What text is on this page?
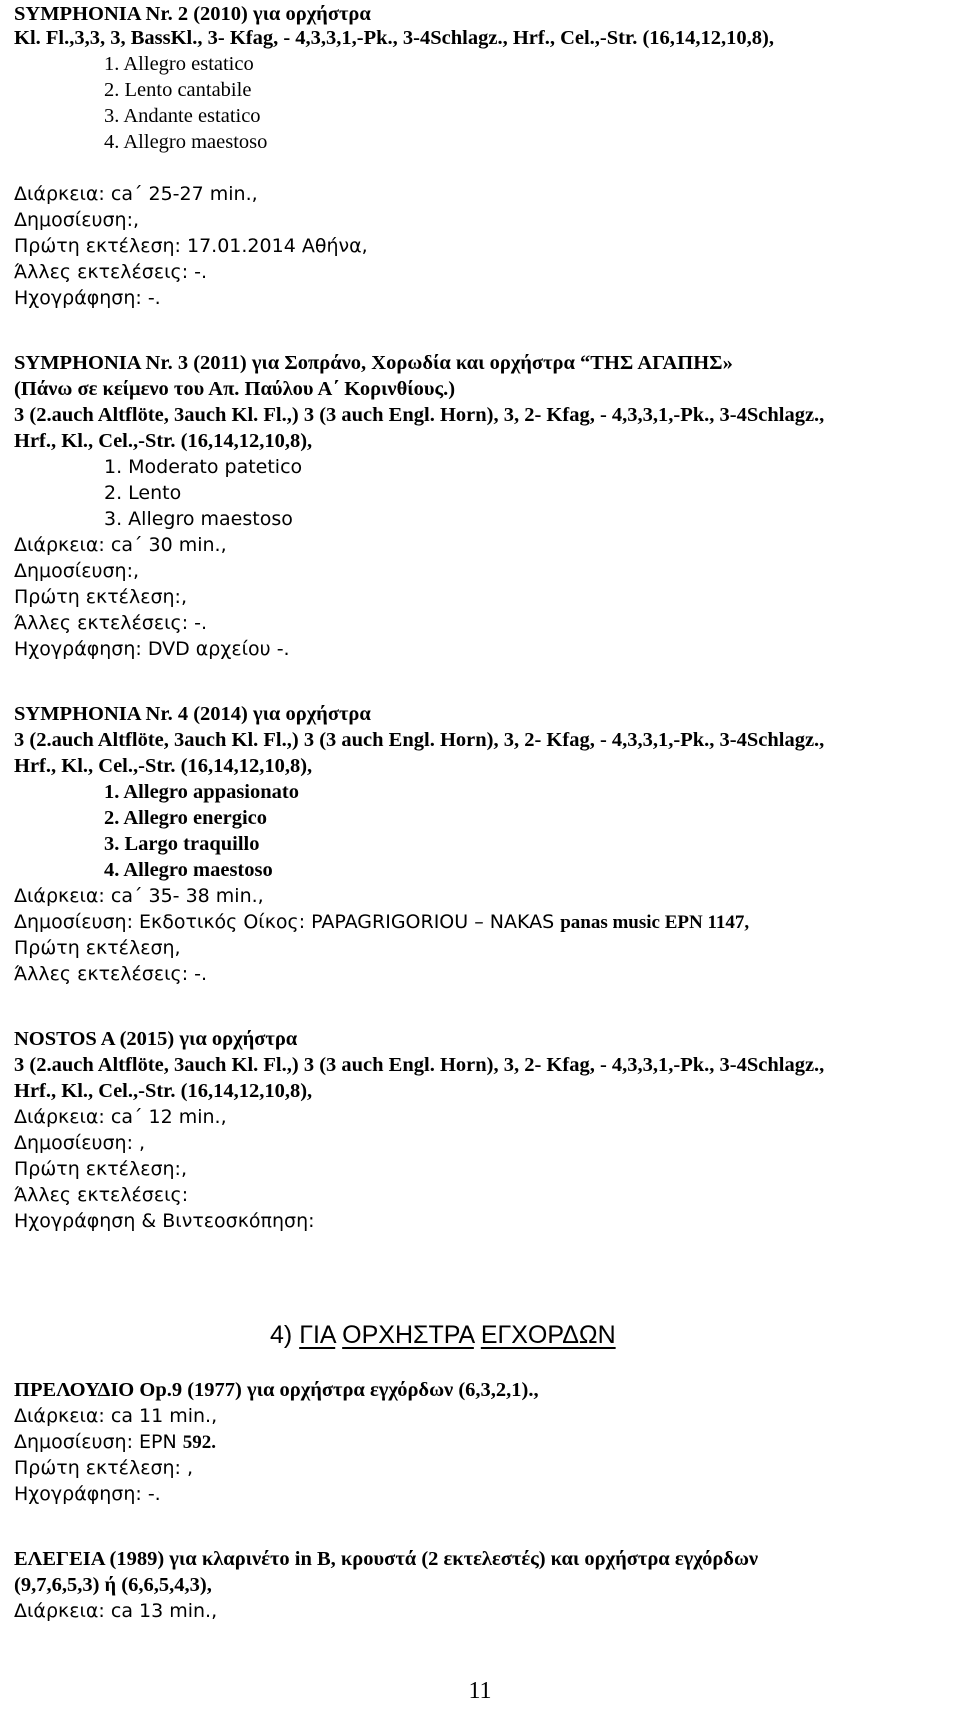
SYMPHONIA Nr. 2 (2010) για ορχήστρα
Kl. Fl.,3,3, 3, BassKl., 3- Kfag, - 4,3,3,1,-Pk., 3-4Schlagz., Hrf., Cel.,-Str. (16,14,12,10,8),
1. Allegro estatico
2. Lento cantabile
3. Andante estatico
4. Allegro maestoso
Διάρκεια: ca΄ 25-27 min.,
Δημοσίευση:,
Πρώτη εκτέλεση: 17.01.2014 Αθήνα,
Άλλες εκτελέσεις: -.
Ηχογράφηση: -.
SYMPHONIA Nr. 3 (2011) για Σοπράνο, Χορωδία και ορχήστρα “ΤΗΣ ΑΓΑΠΗΣ»
(Πάνω σε κείμενο του Απ. Παύλου Α΄ Κορινθίους.)
3 (2.auch Altflöte, 3auch Kl. Fl.,) 3 (3 auch Engl. Horn), 3, 2- Kfag, - 4,3,3,1,-Pk., 3-4Schlagz.,
Hrf., Kl., Cel.,-Str. (16,14,12,10,8),
1. Moderato patetico
2. Lento
3. Allegro maestoso
Διάρκεια: ca΄ 30 min.,
Δημοσίευση:,
Πρώτη εκτέλεση:,
Άλλες εκτελέσεις: -.
Ηχογράφηση: DVD αρχείου -.
SYMPHONIA Nr. 4 (2014) για ορχήστρα
3 (2.auch Altflöte, 3auch Kl. Fl.,) 3 (3 auch Engl. Horn), 3, 2- Kfag, - 4,3,3,1,-Pk., 3-4Schlagz.,
Hrf., Kl., Cel.,-Str. (16,14,12,10,8),
1. Allegro appasionato
2. Allegro energico
3. Largo traquillo
4. Allegro maestoso
Διάρκεια: ca΄ 35- 38 min.,
Δημοσίευση: Εκδοτικός Οίκος: PAPAGRIGORIOU – NAKAS panas music EPN 1147,
Πρώτη εκτέλεση,
Άλλες εκτελέσεις: -.
NOSTOS A (2015) για ορχήστρα
3 (2.auch Altflöte, 3auch Kl. Fl.,) 3 (3 auch Engl. Horn), 3, 2- Kfag, - 4,3,3,1,-Pk., 3-4Schlagz.,
Hrf., Kl., Cel.,-Str. (16,14,12,10,8),
Διάρκεια: ca΄ 12 min.,
Δημοσίευση: ,
Πρώτη εκτέλεση:,
Άλλες εκτελέσεις:
Ηχογράφηση & Βιντεοσκόπηση:
4) ΓΙΑ ΟΡΧΗΣΤΡΑ ΕΓΧΟΡΔΩΝ
ΠΡΕΛΟΥΔΙΟ Op.9 (1977) για ορχήστρα εγχόρδων (6,3,2,1).,
Διάρκεια: ca 11 min.,
Δημοσίευση: EPN 592.
Πρώτη εκτέλεση: ,
Ηχογράφηση: -.
ΕΛΕΓΕΙΑ (1989) για κλαρινέτο in B, κρουστά (2 εκτελεστές) και ορχήστρα εγχόρδων
(9,7,6,5,3) ή (6,6,5,4,3),
Διάρκεια: ca 13 min.,
11
